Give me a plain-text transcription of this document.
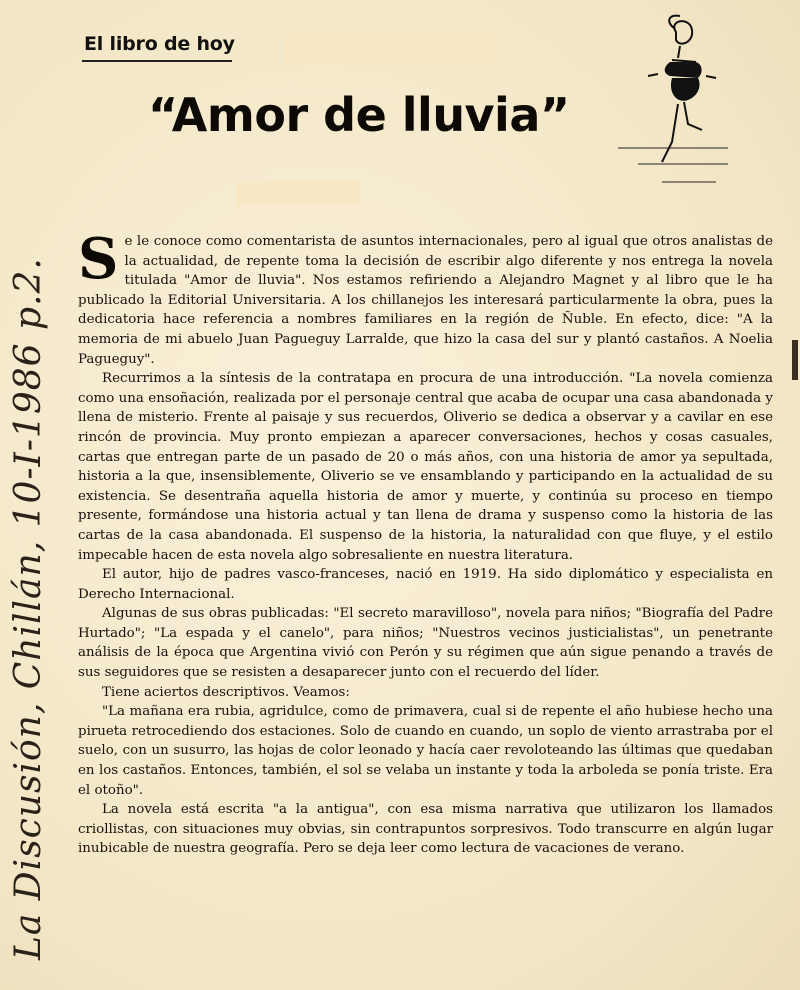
El libro de hoy
“Amor de lluvia”

Se le conoce como comentarista de asuntos internacionales, pero al igual que otros analistas de la actualidad, de repente toma la decisión de escribir algo diferente y nos entrega la novela titulada "Amor de lluvia". Nos estamos refiriendo a Alejandro Magnet y al libro que le ha publicado la Editorial Universitaria. A los chillanejos les interesará particularmente la obra, pues la dedicatoria hace referencia a nombres familiares en la región de Ñuble. En efecto, dice: "A la memoria de mi abuelo Juan Pagueguy Larralde, que hizo la casa del sur y plantó castaños. A Noelia Pagueguy".

Recurrimos a la síntesis de la contratapa en procura de una introducción. "La novela comienza como una ensoñación, realizada por el personaje central que acaba de ocupar una casa abandonada y llena de misterio. Frente al paisaje y sus recuerdos, Oliverio se dedica a observar y a cavilar en ese rincón de provincia. Muy pronto empiezan a aparecer conversaciones, hechos y cosas casuales, cartas que entregan parte de un pasado de 20 o más años, con una historia de amor ya sepultada, historia a la que, insensiblemente, Oliverio se ve ensamblando y participando en la actualidad de su existencia. Se desentraña aquella historia de amor y muerte, y continúa su proceso en tiempo presente, formándose una historia actual y tan llena de drama y suspenso como la historia de las cartas de la casa abandonada. El suspenso de la historia, la naturalidad con que fluye, y el estilo impecable hacen de esta novela algo sobresaliente en nuestra literatura.

El autor, hijo de padres vasco-franceses, nació en 1919. Ha sido diplomático y especialista en Derecho Internacional.

Algunas de sus obras publicadas: "El secreto maravilloso", novela para niños; "Biografía del Padre Hurtado"; "La espada y el canelo", para niños; "Nuestros vecinos justicialistas", un penetrante análisis de la época que Argentina vivió con Perón y su régimen que aún sigue penando a través de sus seguidores que se resisten a desaparecer junto con el recuerdo del líder.

Tiene aciertos descriptivos. Veamos:

"La mañana era rubia, agridulce, como de primavera, cual si de repente el año hubiese hecho una pirueta retrocediendo dos estaciones. Solo de cuando en cuando, un soplo de viento arrastraba por el suelo, con un susurro, las hojas de color leonado y hacía caer revoloteando las últimas que quedaban en los castaños. Entonces, también, el sol se velaba un instante y toda la arboleda se ponía triste. Era el otoño".

La novela está escrita "a la antigua", con esa misma narrativa que utilizaron los llamados criollistas, con situaciones muy obvias, sin contrapuntos sorpresivos. Todo transcurre en algún lugar inubicable de nuestra geografía. Pero se deja leer como lectura de vacaciones de verano.

La Discusión, Chillán, 10-I-1986 p.2.
